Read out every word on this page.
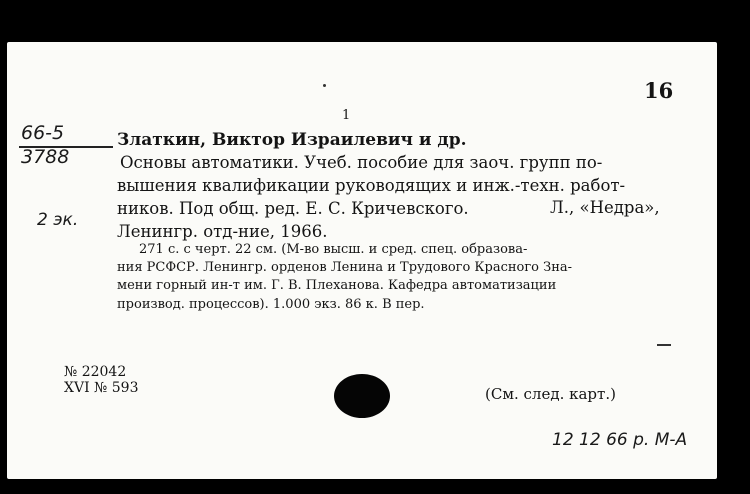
16
1
66-5
3788
2 эк.
Златкин, Виктор Израилевич и др.
Основы автоматики. Учеб. пособие для заоч. групп по-
вышения квалификации руководящих и инж.-техн. работ-
ников. Под общ. ред. Е. С. Кричевского.	Л., «Недра»,
Ленингр. отд-ние, 1966.
271 с. с черт. 22 см. (М-во высш. и сред. спец. образова-
ния РСФСР. Ленингр. орденов Ленина и Трудового Красного Зна-
мени горный ин-т им. Г. В. Плеханова. Кафедра автоматизации
производ. процессов). 1.000 экз. 86 к. В пер.
№ 22042
XVI № 593	(См. след. карт.)
12 12 66 р. М-А
